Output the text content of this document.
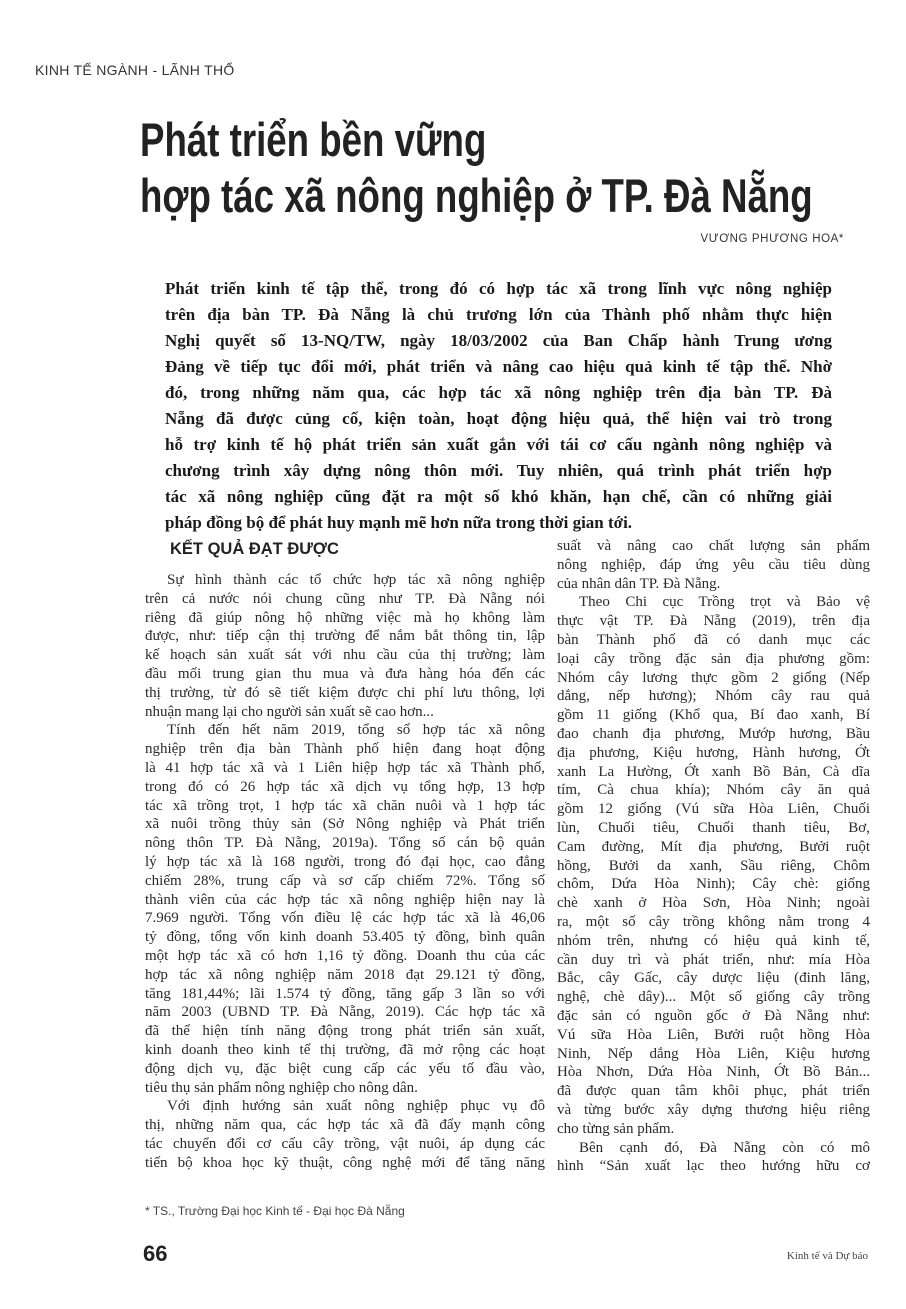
KINH TẾ NGÀNH - LÃNH THỔ
Phát triển bền vững
hợp tác xã nông nghiệp ở TP. Đà Nẵng
VƯƠNG PHƯƠNG HOA*
Phát triển kinh tế tập thể, trong đó có hợp tác xã trong lĩnh vực nông nghiệp
trên địa bàn TP. Đà Nẵng là chủ trương lớn của Thành phố nhằm thực hiện
Nghị quyết số 13-NQ/TW, ngày 18/03/2002 của Ban Chấp hành Trung ương
Đảng về tiếp tục đổi mới, phát triển và nâng cao hiệu quả kinh tế tập thể. Nhờ
đó, trong những năm qua, các hợp tác xã nông nghiệp trên địa bàn TP. Đà
Nẵng đã được củng cố, kiện toàn, hoạt động hiệu quả, thể hiện vai trò trong
hỗ trợ kinh tế hộ phát triển sản xuất gắn với tái cơ cấu ngành nông nghiệp và
chương trình xây dựng nông thôn mới. Tuy nhiên, quá trình phát triển hợp
tác xã nông nghiệp cũng đặt ra một số khó khăn, hạn chế, cần có những giải
pháp đồng bộ để phát huy mạnh mẽ hơn nữa trong thời gian tới.
KẾT QUẢ ĐẠT ĐƯỢC
Sự hình thành các tổ chức hợp tác xã nông nghiệp
trên cả nước nói chung cũng như TP. Đà Nẵng nói
riêng đã giúp nông hộ những việc mà họ không làm
được, như: tiếp cận thị trường để nắm bắt thông tin, lập
kế hoạch sản xuất sát với nhu cầu của thị trường; làm
đầu mối trung gian thu mua và đưa hàng hóa đến các
thị trường, từ đó sẽ tiết kiệm được chi phí lưu thông, lợi
nhuận mang lại cho người sản xuất sẽ cao hơn...
Tính đến hết năm 2019, tổng số hợp tác xã nông
nghiệp trên địa bàn Thành phố hiện đang hoạt động
là 41 hợp tác xã và 1 Liên hiệp hợp tác xã Thành phố,
trong đó có 26 hợp tác xã dịch vụ tổng hợp, 13 hợp
tác xã trồng trọt, 1 hợp tác xã chăn nuôi và 1 hợp tác
xã nuôi trồng thủy sản (Sở Nông nghiệp và Phát triển
nông thôn TP. Đà Nẵng, 2019a). Tổng số cán bộ quản
lý hợp tác xã là 168 người, trong đó đại học, cao đẳng
chiếm 28%, trung cấp và sơ cấp chiếm 72%. Tổng số
thành viên của các hợp tác xã nông nghiệp hiện nay là
7.969 người. Tổng vốn điều lệ các hợp tác xã là 46,06
tỷ đồng, tổng vốn kinh doanh 53.405 tỷ đồng, bình quân
một hợp tác xã có hơn 1,16 tỷ đồng. Doanh thu của các
hợp tác xã nông nghiệp năm 2018 đạt 29.121 tỷ đồng,
tăng 181,44%; lãi 1.574 tỷ đồng, tăng gấp 3 lần so với
năm 2003 (UBND TP. Đà Nẵng, 2019). Các hợp tác xã
đã thể hiện tính năng động trong phát triển sản xuất,
kinh doanh theo kinh tế thị trường, đã mở rộng các hoạt
động dịch vụ, đặc biệt cung cấp các yếu tố đầu vào,
tiêu thụ sản phẩm nông nghiệp cho nông dân.
Với định hướng sản xuất nông nghiệp phục vụ đô
thị, những năm qua, các hợp tác xã đã đẩy mạnh công
tác chuyển đổi cơ cấu cây trồng, vật nuôi, áp dụng các
tiến bộ khoa học kỹ thuật, công nghệ mới để tăng năng
suất và nâng cao chất lượng sản phẩm
nông nghiệp, đáp ứng yêu cầu tiêu dùng
của nhân dân TP. Đà Nẵng.
Theo Chi cục Trồng trọt và Bảo vệ
thực vật TP. Đà Nẵng (2019), trên địa
bàn Thành phố đã có danh mục các
loại cây trồng đặc sản địa phương gồm:
Nhóm cây lương thực gồm 2 giống (Nếp
dắng, nếp hương); Nhóm cây rau quả
gồm 11 giống (Khổ qua, Bí đao xanh, Bí
đao chanh địa phương, Mướp hương, Bầu
địa phương, Kiệu hương, Hành hương, Ớt
xanh La Hường, Ớt xanh Bồ Bản, Cà dĩa
tím, Cà chua khía); Nhóm cây ăn quả
gồm 12 giống (Vú sữa Hòa Liên, Chuối
lùn, Chuối tiêu, Chuối thanh tiêu, Bơ,
Cam đường, Mít địa phương, Bưởi ruột
hồng, Bưởi da xanh, Sầu riêng, Chôm
chôm, Dứa Hòa Ninh); Cây chè: giống
chè xanh ở Hòa Sơn, Hòa Ninh; ngoài
ra, một số cây trồng không nằm trong 4
nhóm trên, nhưng có hiệu quả kinh tế,
cần duy trì và phát triển, như: mía Hòa
Bắc, cây Gấc, cây dược liệu (đinh lăng,
nghệ, chè dây)... Một số giống cây trồng
đặc sản có nguồn gốc ở Đà Nẵng như:
Vú sữa Hòa Liên, Bưởi ruột hồng Hòa
Ninh, Nếp dắng Hòa Liên, Kiệu hương
Hòa Nhơn, Dứa Hòa Ninh, Ớt Bồ Bản...
đã được quan tâm khôi phục, phát triển
và từng bước xây dựng thương hiệu riêng
cho từng sản phẩm.
Bên cạnh đó, Đà Nẵng còn có mô
hình “Sản xuất lạc theo hướng hữu cơ
* TS., Trường Đại học Kinh tế - Đại học Đà Nẵng
66	Kinh tế và Dự báo
